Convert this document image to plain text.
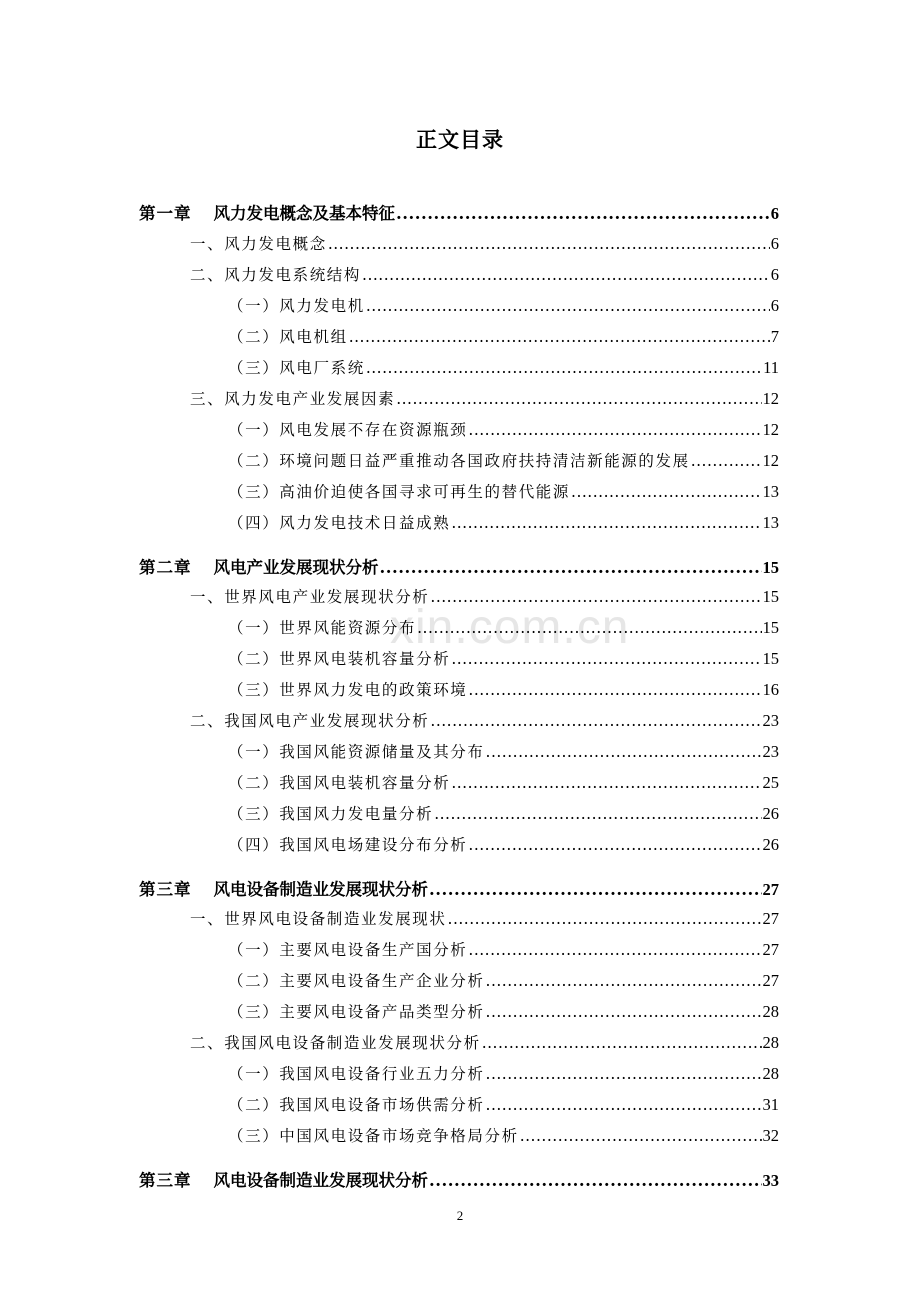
xin.com.cn
正文目录
第一章 风力发电概念及基本特征 .....	6
一、风力发电概念 .....	6
二、风力发电系统结构 .....	6
（一）风力发电机 .....	6
（二）风电机组 .....	7
（三）风电厂系统 .....	11
三、风力发电产业发展因素 .....	12
（一）风电发展不存在资源瓶颈 .....	12
（二）环境问题日益严重推动各国政府扶持清洁新能源的发展 .....	12
（三）高油价迫使各国寻求可再生的替代能源 .....	13
（四）风力发电技术日益成熟 .....	13
第二章 风电产业发展现状分析 .....	15
一、世界风电产业发展现状分析 .....	15
（一）世界风能资源分布 .....	15
（二）世界风电装机容量分析 .....	15
（三）世界风力发电的政策环境 .....	16
二、我国风电产业发展现状分析 .....	23
（一）我国风能资源储量及其分布 .....	23
（二）我国风电装机容量分析 .....	25
（三）我国风力发电量分析 .....	26
（四）我国风电场建设分布分析 .....	26
第三章 风电设备制造业发展现状分析 .....	27
一、世界风电设备制造业发展现状 .....	27
（一）主要风电设备生产国分析 .....	27
（二）主要风电设备生产企业分析 .....	27
（三）主要风电设备产品类型分析 .....	28
二、我国风电设备制造业发展现状分析 .....	28
（一）我国风电设备行业五力分析 .....	28
（二）我国风电设备市场供需分析 .....	31
（三）中国风电设备市场竞争格局分析 .....	32
第三章 风电设备制造业发展现状分析 .....	33
2
